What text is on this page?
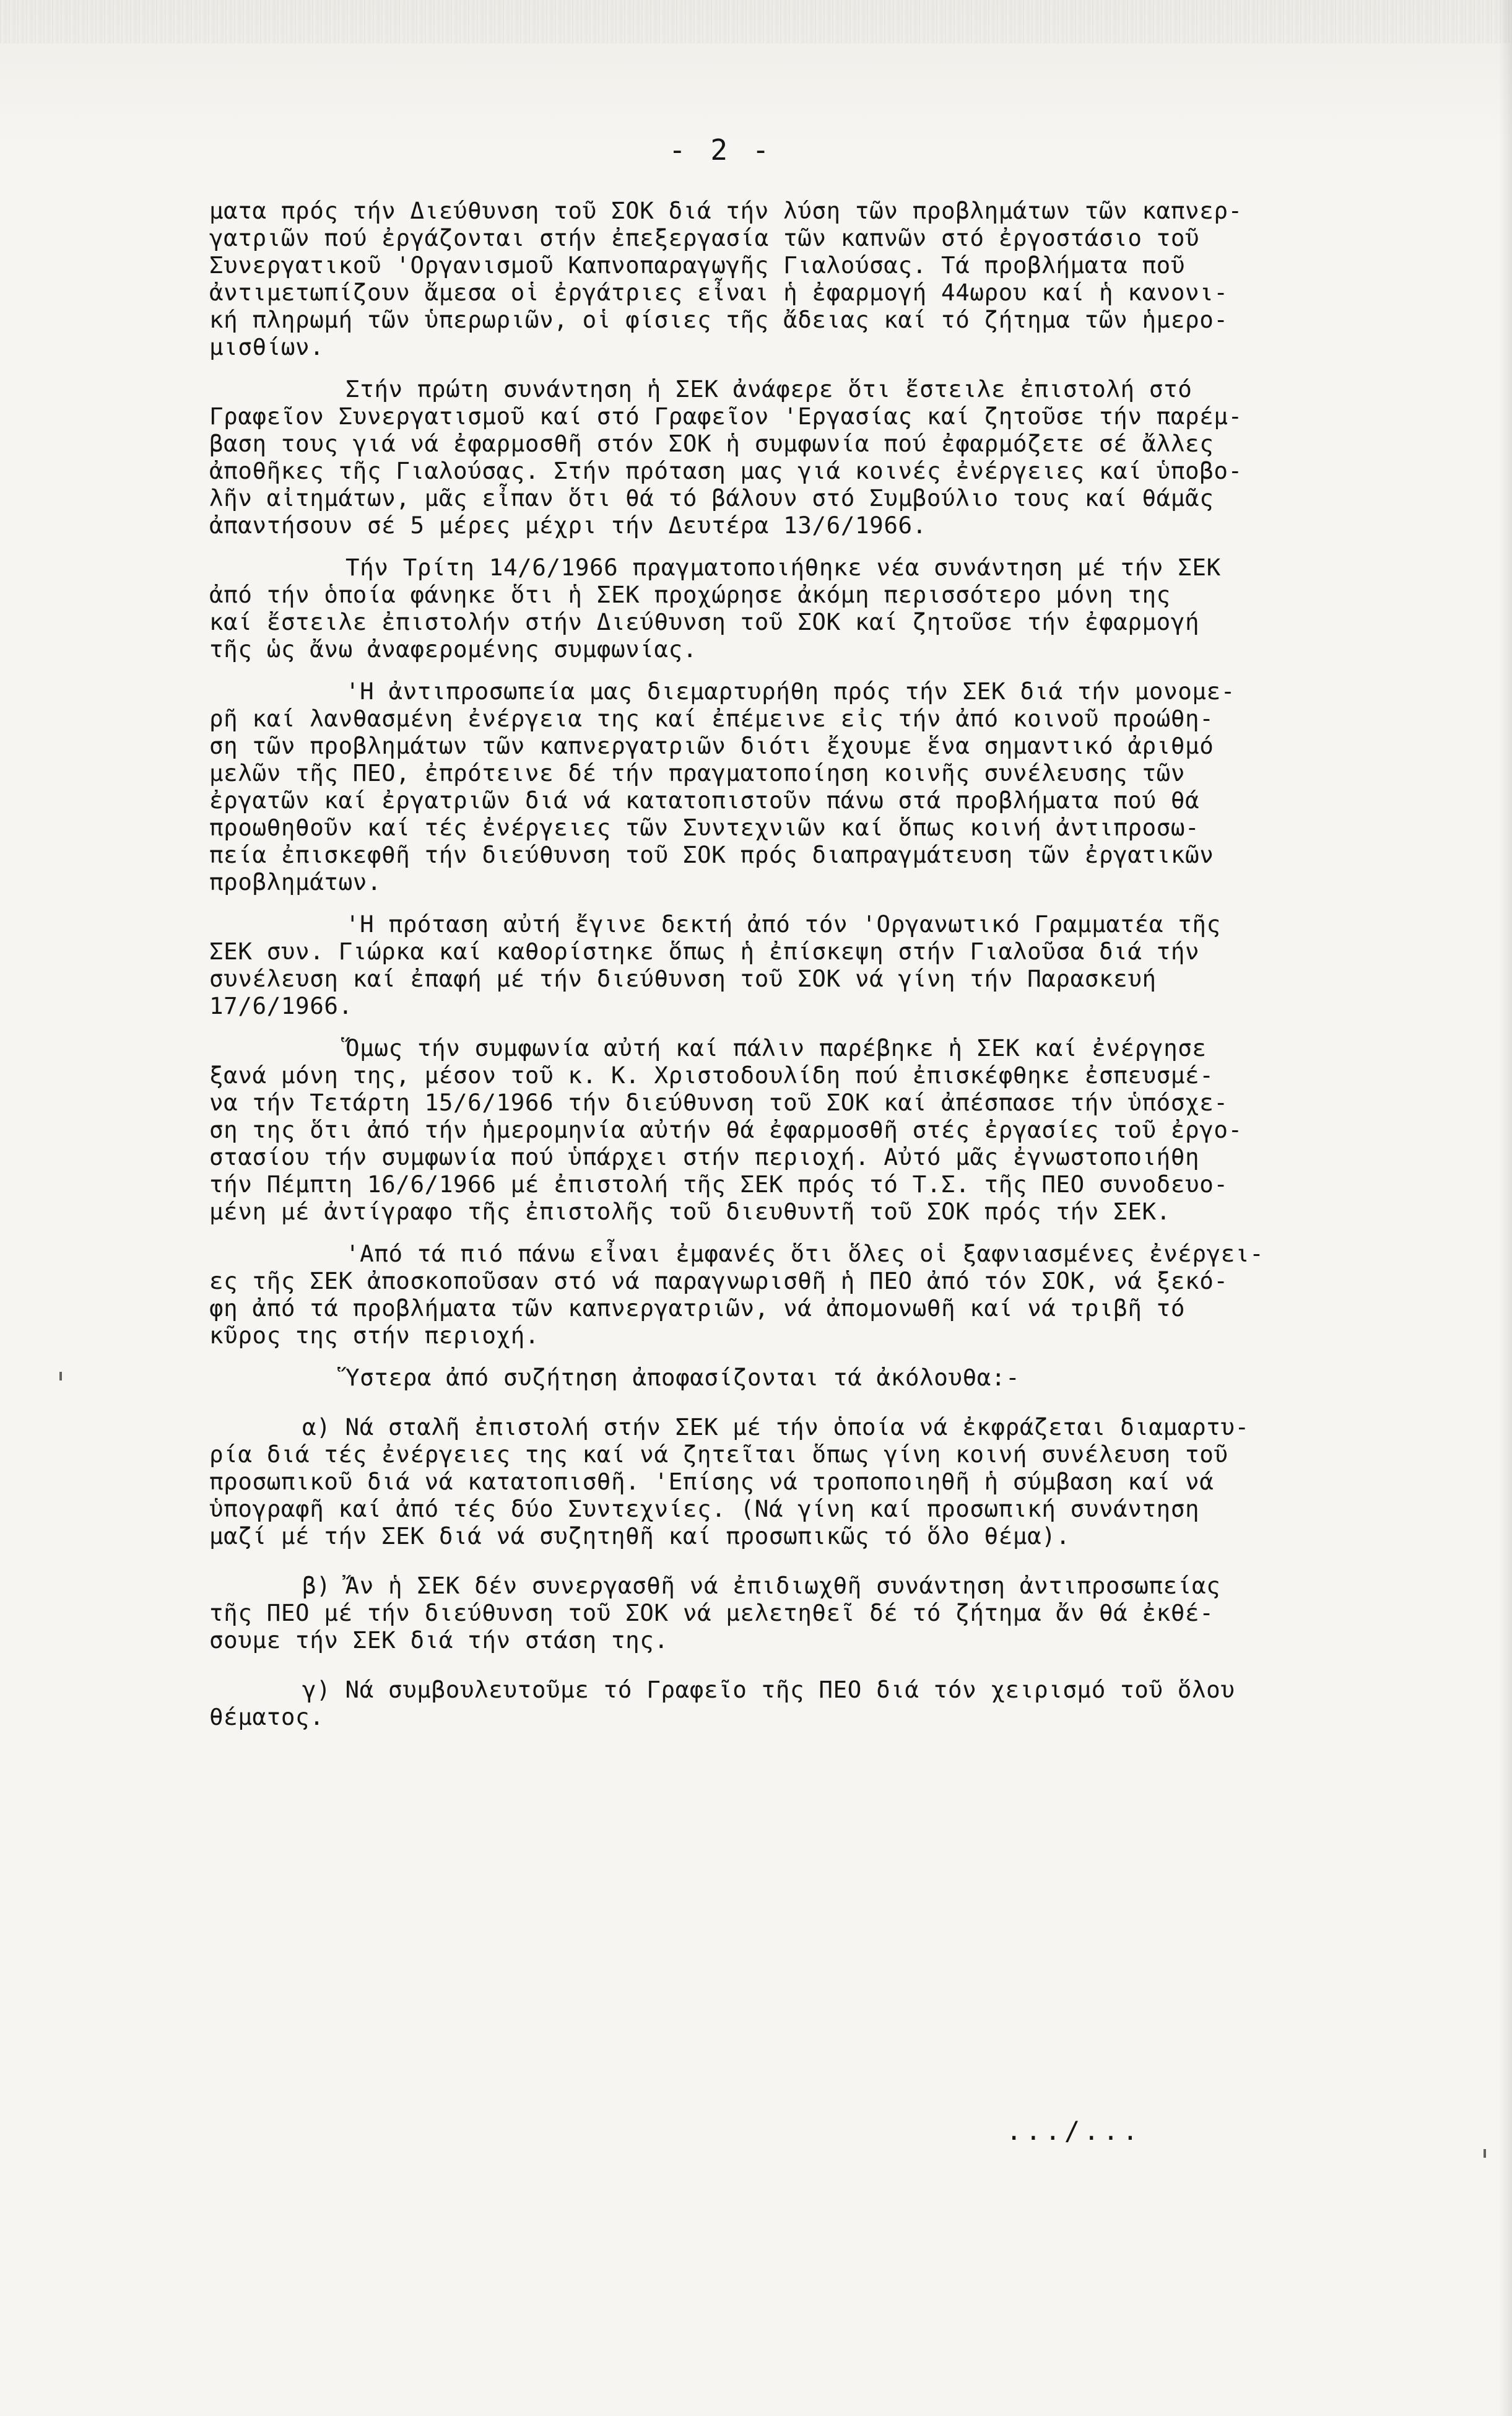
- 2 -
ματα πρός τήν Διεύθυνση τοῦ ΣΟΚ διά τήν λύση τῶν προβλημάτων τῶν καπνερ-
γατριῶν πού ἐργάζονται στήν ἐπεξεργασία τῶν καπνῶν στό ἐργοστάσιο τοῦ
Συνεργατικοῦ 'Οργανισμοῦ Καπνοπαραγωγῆς Γιαλούσας. Τά προβλήματα ποῦ
ἀντιμετωπίζουν ἄμεσα οἱ ἐργάτριες εἶναι ἡ ἐφαρμογή 44ωρου καί ἡ κανονι-
κή πληρωμή τῶν ὑπερωριῶν, οἱ φίσιες τῆς ἄδειας καί τό ζήτημα τῶν ἡμερο-
μισθίων.
Στήν πρώτη συνάντηση ἡ ΣΕΚ ἀνάφερε ὅτι ἔστειλε ἐπιστολή στό
Γραφεῖον Συνεργατισμοῦ καί στό Γραφεῖον 'Εργασίας καί ζητοῦσε τήν παρέμ-
βαση τους γιά νά ἐφαρμοσθῆ στόν ΣΟΚ ἡ συμφωνία πού ἐφαρμόζετε σέ ἄλλες
ἀποθῆκες τῆς Γιαλούσας. Στήν πρόταση μας γιά κοινές ἐνέργειες καί ὑποβο-
λῆν αἰτημάτων, μᾶς εἶπαν ὅτι θά τό βάλουν στό Συμβούλιο τους καί θάμᾶς
ἀπαντήσουν σέ 5 μέρες μέχρι τήν Δευτέρα 13/6/1966.
Τήν Τρίτη 14/6/1966 πραγματοποιήθηκε νέα συνάντηση μέ τήν ΣΕΚ
ἀπό τήν ὁποία φάνηκε ὅτι ἡ ΣΕΚ προχώρησε ἀκόμη περισσότερο μόνη της
καί ἔστειλε ἐπιστολήν στήν Διεύθυνση τοῦ ΣΟΚ καί ζητοῦσε τήν ἐφαρμογή
τῆς ὡς ἄνω ἀναφερομένης συμφωνίας.
'Η ἀντιπροσωπεία μας διεμαρτυρήθη πρός τήν ΣΕΚ διά τήν μονομε-
ρῆ καί λανθασμένη ἐνέργεια της καί ἐπέμεινε εἰς τήν ἀπό κοινοῦ προώθη-
ση τῶν προβλημάτων τῶν καπνεργατριῶν διότι ἔχουμε ἕνα σημαντικό ἀριθμό
μελῶν τῆς ΠΕΟ, ἐπρότεινε δέ τήν πραγματοποίηση κοινῆς συνέλευσης τῶν
ἐργατῶν καί ἐργατριῶν διά νά κατατοπιστοῦν πάνω στά προβλήματα πού θά
προωθηθοῦν καί τές ἐνέργειες τῶν Συντεχνιῶν καί ὅπως κοινή ἀντιπροσω-
πεία ἐπισκεφθῆ τήν διεύθυνση τοῦ ΣΟΚ πρός διαπραγμάτευση τῶν ἐργατικῶν
προβλημάτων.
'Η πρόταση αὐτή ἔγινε δεκτή ἀπό τόν 'Οργανωτικό Γραμματέα τῆς
ΣΕΚ συν. Γιώρκα καί καθορίστηκε ὅπως ἡ ἐπίσκεψη στήν Γιαλοῦσα διά τήν
συνέλευση καί ἐπαφή μέ τήν διεύθυνση τοῦ ΣΟΚ νά γίνη τήν Παρασκευή
17/6/1966.
Ὅμως τήν συμφωνία αὐτή καί πάλιν παρέβηκε ἡ ΣΕΚ καί ἐνέργησε
ξανά μόνη της, μέσον τοῦ κ. Κ. Χριστοδουλίδη πού ἐπισκέφθηκε ἐσπευσμέ-
να τήν Τετάρτη 15/6/1966 τήν διεύθυνση τοῦ ΣΟΚ καί ἀπέσπασε τήν ὑπόσχε-
ση της ὅτι ἀπό τήν ἡμερομηνία αὐτήν θά ἐφαρμοσθῆ στές ἐργασίες τοῦ ἐργο-
στασίου τήν συμφωνία πού ὑπάρχει στήν περιοχή. Αὐτό μᾶς ἐγνωστοποιήθη
τήν Πέμπτη 16/6/1966 μέ ἐπιστολή τῆς ΣΕΚ πρός τό Τ.Σ. τῆς ΠΕΟ συνοδευο-
μένη μέ ἀντίγραφο τῆς ἐπιστολῆς τοῦ διευθυντῆ τοῦ ΣΟΚ πρός τήν ΣΕΚ.
'Από τά πιό πάνω εἶναι ἐμφανές ὅτι ὅλες οἱ ξαφνιασμένες ἐνέργει-
ες τῆς ΣΕΚ ἀποσκοποῦσαν στό νά παραγνωρισθῆ ἡ ΠΕΟ ἀπό τόν ΣΟΚ, νά ξεκό-
φη ἀπό τά προβλήματα τῶν καπνεργατριῶν, νά ἀπομονωθῆ καί νά τριβῆ τό
κῦρος της στήν περιοχή.
Ὕστερα ἀπό συζήτηση ἀποφασίζονται τά ἀκόλουθα:-
α) Νά σταλῆ ἐπιστολή στήν ΣΕΚ μέ τήν ὁποία νά ἐκφράζεται διαμαρτυ-
ρία διά τές ἐνέργειες της καί νά ζητεῖται ὅπως γίνη κοινή συνέλευση τοῦ
προσωπικοῦ διά νά κατατοπισθῆ. 'Επίσης νά τροποποιηθῆ ἡ σύμβαση καί νά
ὑπογραφῆ καί ἀπό τές δύο Συντεχνίες. (Νά γίνη καί προσωπική συνάντηση
μαζί μέ τήν ΣΕΚ διά νά συζητηθῆ καί προσωπικῶς τό ὅλο θέμα).
β) Ἄν ἡ ΣΕΚ δέν συνεργασθῆ νά ἐπιδιωχθῆ συνάντηση ἀντιπροσωπείας
τῆς ΠΕΟ μέ τήν διεύθυνση τοῦ ΣΟΚ νά μελετηθεῖ δέ τό ζήτημα ἄν θά ἐκθέ-
σουμε τήν ΣΕΚ διά τήν στάση της.
γ) Νά συμβουλευτοῦμε τό Γραφεῖο τῆς ΠΕΟ διά τόν χειρισμό τοῦ ὅλου
θέματος.
.../...
